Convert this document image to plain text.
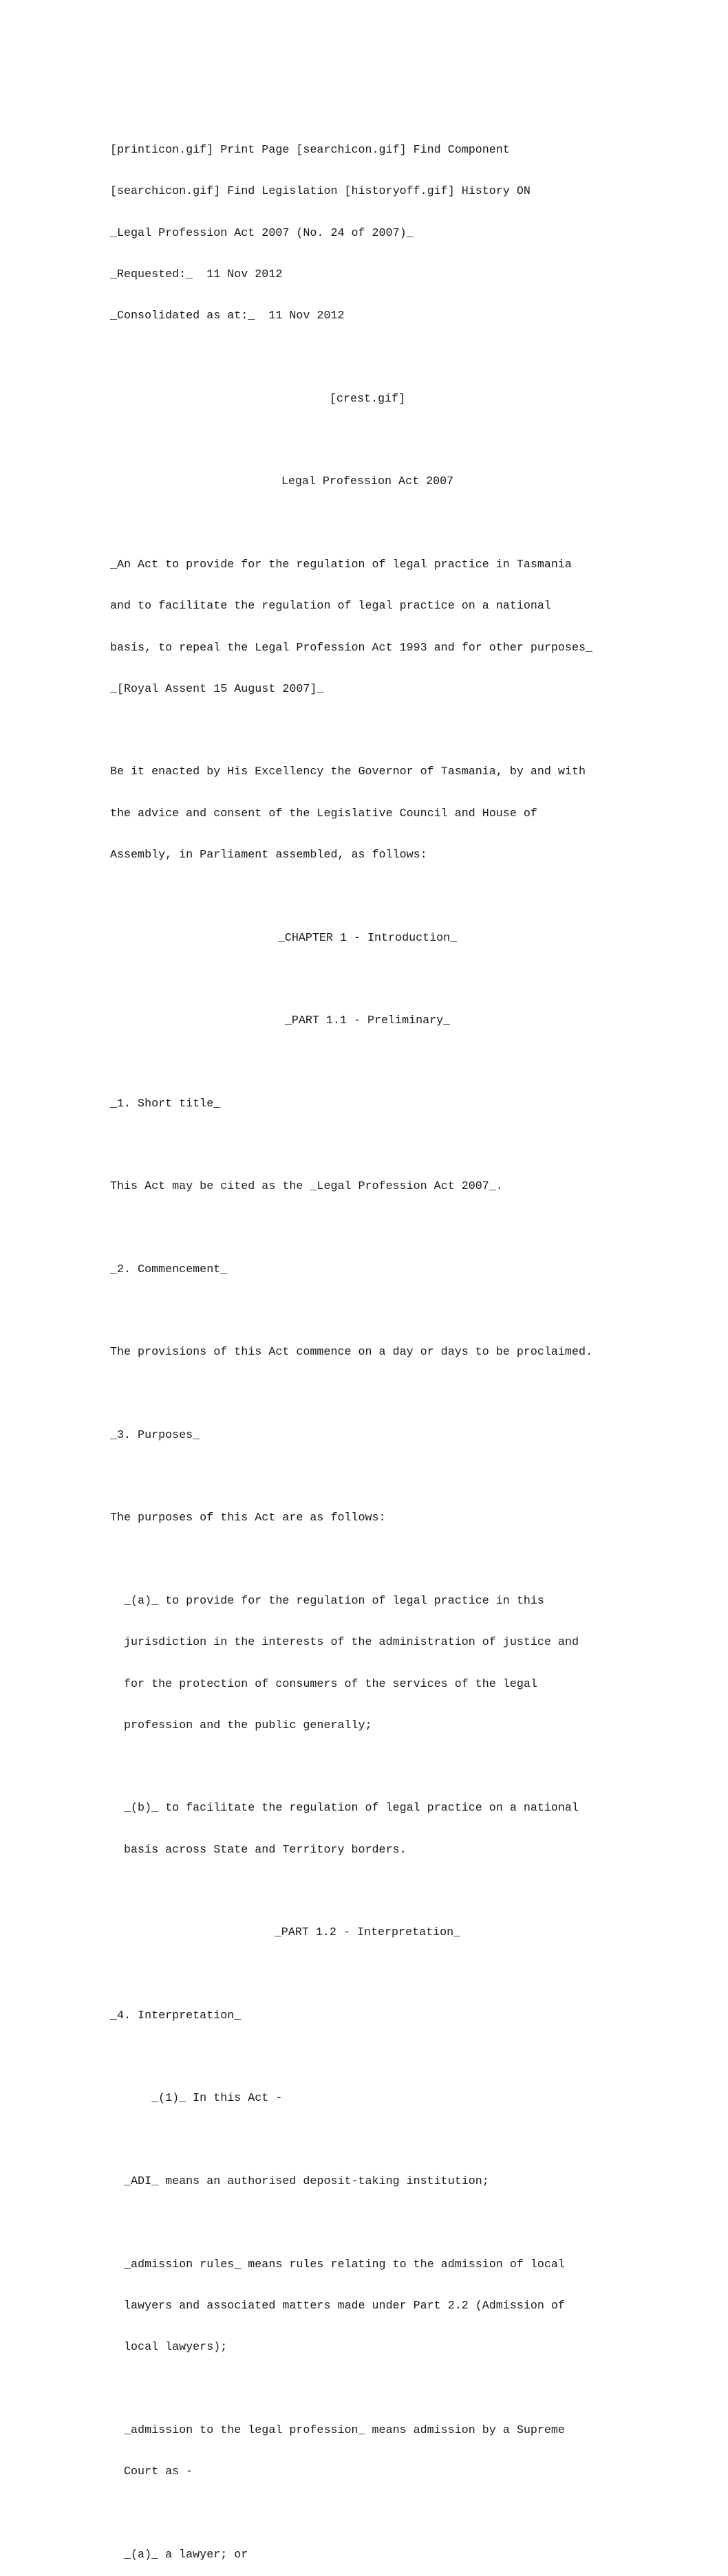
[printicon.gif] Print Page [searchicon.gif] Find Component

[searchicon.gif] Find Legislation [historyoff.gif] History ON

_Legal Profession Act 2007 (No. 24 of 2007)_

_Requested:_  11 Nov 2012

_Consolidated as at:_  11 Nov 2012

[crest.gif]

Legal Profession Act 2007

_An Act to provide for the regulation of legal practice in Tasmania

and to facilitate the regulation of legal practice on a national

basis, to repeal the Legal Profession Act 1993 and for other purposes_

_[Royal Assent 15 August 2007]_

Be it enacted by His Excellency the Governor of Tasmania, by and with

the advice and consent of the Legislative Council and House of

Assembly, in Parliament assembled, as follows:

_CHAPTER 1 - Introduction_

_PART 1.1 - Preliminary_

_1. Short title_

This Act may be cited as the _Legal Profession Act 2007_.

_2. Commencement_

The provisions of this Act commence on a day or days to be proclaimed.

_3. Purposes_

The purposes of this Act are as follows:

_(a)_ to provide for the regulation of legal practice in this

jurisdiction in the interests of the administration of justice and

for the protection of consumers of the services of the legal

profession and the public generally;

_(b)_ to facilitate the regulation of legal practice on a national

basis across State and Territory borders.

_PART 1.2 - Interpretation_

_4. Interpretation_

_(1)_ In this Act -

_ADI_ means an authorised deposit-taking institution;

_admission rules_ means rules relating to the admission of local

lawyers and associated matters made under Part 2.2 (Admission of

local lawyers);

_admission to the legal profession_ means admission by a Supreme

Court as -

_(a)_ a lawyer; or
